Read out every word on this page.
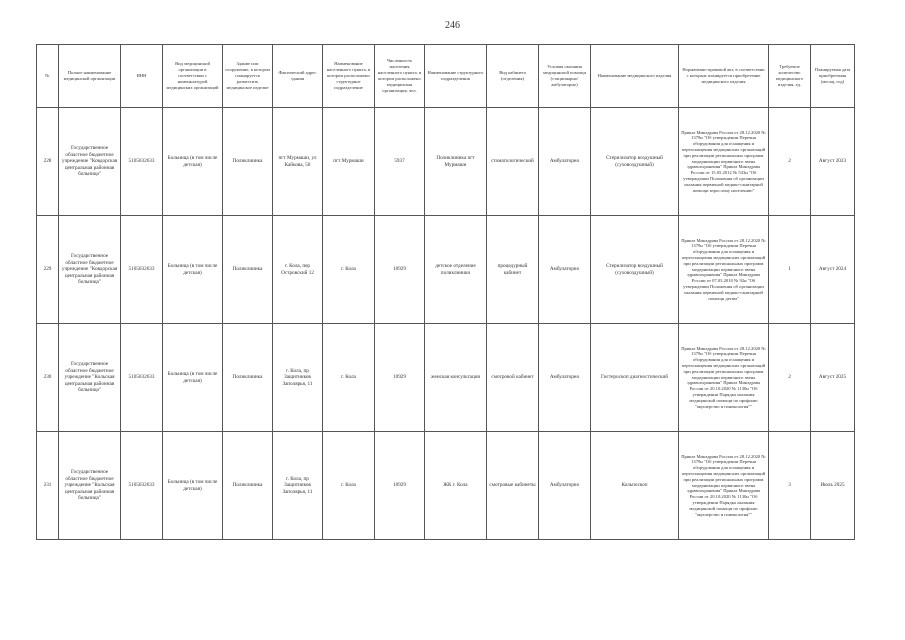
246
№	Полное наименование медицинской организации	ИНН	Вид медицинской организации в соответствии с номенклатурой медицинских организаций	Здание или сооружение, в котором планируется разместить медицинское изделие	Фактический адрес здания	Наименование населенного пункта, в котором расположено структурное подразделение	Численность населения населенного пункта, в котором расположено медицинская организация, чел.	Наименование структурного подразделения	Вид кабинета (отделения)	Условия оказания медицинской помощи (стационарно/амбулаторно)	Наименование медицинского изделия	Нормативно-правовой акт, в соответствии с которым планируется приобретение медицинского изделия	Требуемое количество медицинского изделия, ед.	Планируемая дата приобретения (месяц, год)
228	Государственное областное бюджетное учреждение "Ковдорская центральная районная больница"	5105032633	Больница (в том числе детская)	Поликлиника	пгт Мурмаши, ул Кайкова, 50	пгт Мурмаши	5937	Поликлиника пгт Мурмаши	стоматологический	Амбулаторно	Стерилизатор воздушный (суховоздушный)	Приказ Минздрава России от 28.12.2020 № 1379н "Об утверждении Перечня оборудования для оснащения и переоснащения медицинских организаций при реализации региональных программ модернизации первичного звена здравоохранения" Приказ Минздрава России от 15.05.2012 № 543н "Об утверждении Положения об организации оказания первичной медико-санитарной помощи взрослому населению"	2	Август 2023
229	Государственное областное бюджетное учреждение "Ковдорская центральная районная больница"	5105032633	Больница (в том числе детская)	Поликлиника	г. Кола, пер Островский 12	г. Кола	10929	детское отделение поликлиники	процедурный кабинет	Амбулаторно	Стерилизатор воздушный (суховоздушный)	Приказ Минздрава России от 28.12.2020 № 1379н "Об утверждении Перечня оборудования для оснащения и переоснащения медицинских организаций при реализации региональных программ модернизации первичного звена здравоохранения" Приказ Минздрава России от 07.03.2018 № 92н "Об утверждении Положения об организации оказания первичной медико-санитарной помощи детям"	1	Август 2024
230	Государственное областное бюджетное учреждение "Кольская центральная районная больница"	5105032633	Больница (в том числе детская)	Поликлиника	г. Кола, пр Защитников Заполярья, 11	г. Кола	10929	женская консультация	смотровой кабинет	Амбулаторно	Гистероскоп диагностический	Приказ Минздрава России от 28.12.2020 № 1379н "Об утверждении Перечня оборудования для оснащения и переоснащения медицинских организаций при реализации региональных программ модернизации первичного звена здравоохранения" Приказ Минздрава России от 20.10.2020 № 1130н "Об утверждении Порядка оказания медицинской помощи по профилю "акушерство и гинекология""	2	Август 2025
231	Государственное областное бюджетное учреждение "Кольская центральная районная больница"	5105032633	Больница (в том числе детская)	Поликлиника	г. Кола, пр Защитников Заполярья, 11	г. Кола	10929	ЖК г. Кола	смотровые кабинеты	Амбулаторно	Кольпоскоп	Приказ Минздрава России от 28.12.2020 № 1379н "Об утверждении Перечня оборудования для оснащения и переоснащения медицинских организаций при реализации региональных программ модернизации первичного звена здравоохранения" Приказ Минздрава России от 20.10.2020 № 1130н "Об утверждении Порядка оказания медицинской помощи по профилю "акушерство и гинекология""	3	Июль 2025
